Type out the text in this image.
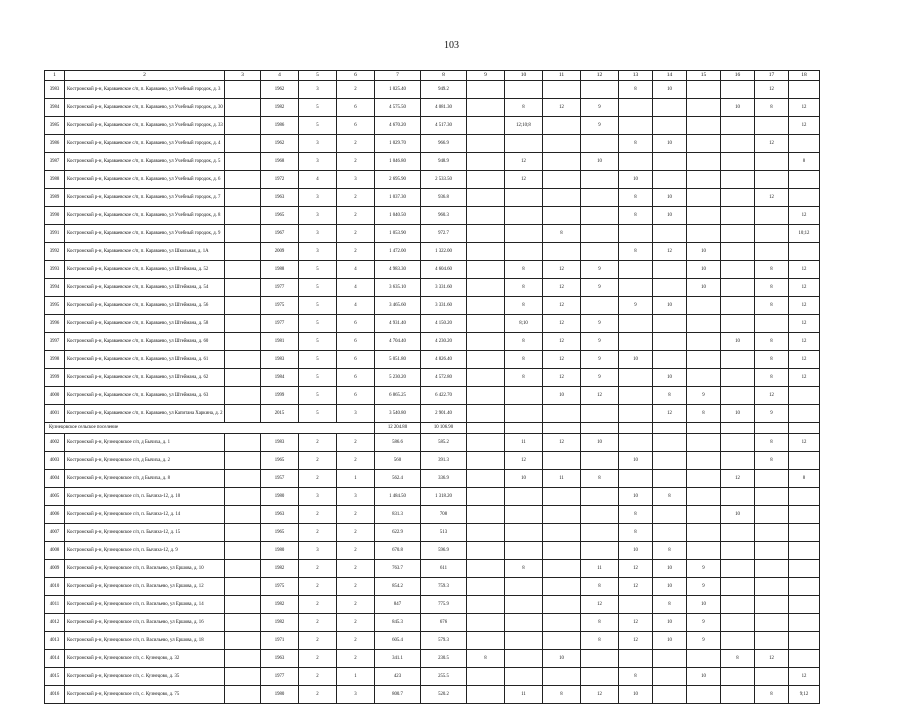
103
1	2	3	4	5	6	7	8	9	10	11	12	13	14	15	16	17	18
3983	Костромской р-н, Караваевское с/п, п. Караваево, ул Учебный городок, д. 3		1962	3	2	1 025.40	949.2					8	10			12	
3984	Костромской р-н, Караваевское с/п, п. Караваево, ул Учебный городок, д. 30		1982	5	6	4 575.50	4 081.30		8	12	9				10	8	12
3985	Костромской р-н, Караваевское с/п, п. Караваево, ул Учебный городок, д. 33		1986	5	6	4 670.20	4 517.30		12;10;8		9						12
3986	Костромской р-н, Караваевское с/п, п. Караваево, ул Учебный городок, д. 4		1962	3	2	1 029.70	966.9					8	10			12	
3987	Костромской р-н, Караваевское с/п, п. Караваево, ул Учебный городок, д. 5		1968	3	2	1 046.80	948.9		12		10						8
3988	Костромской р-н, Караваевское с/п, п. Караваево, ул Учебный городок, д. 6		1972	4	3	2 695.90	2 533.50		12			10					
3989	Костромской р-н, Караваевское с/п, п. Караваево, ул Учебный городок, д. 7		1963	3	2	1 037.30	936.8					8	10			12	
3990	Костромской р-н, Караваевское с/п, п. Караваево, ул Учебный городок, д. 8		1965	3	2	1 040.50	960.3					8	10				12
3991	Костромской р-н, Караваевское с/п, п. Караваево, ул Учебный городок, д. 9		1967	3	2	1 053.90	972.7			8							10;12
3992	Костромской р-н, Караваевское с/п, п. Караваево, ул Школьная, д. 1А		2009	3	2	1 472.00	1 322.00					8	12	10			
3993	Костромской р-н, Караваевское с/п, п. Караваево, ул Штеймана, д. 52		1988	5	4	4 983.30	4 604.60		8	12	9			10		8	12
3994	Костромской р-н, Караваевское с/п, п. Караваево, ул Штеймана, д. 54		1977	5	4	3 635.10	3 331.60		8	12	9			10		8	12
3995	Костромской р-н, Караваевское с/п, п. Караваево, ул Штеймана, д. 56		1975	5	4	3 465.60	3 331.60		8	12		9	10			8	12
3996	Костромской р-н, Караваевское с/п, п. Караваево, ул Штеймана, д. 58		1977	5	6	4 931.40	4 150.20		8;10	12	9						12
3997	Костромской р-н, Караваевское с/п, п. Караваево, ул Штеймана, д. 60		1981	5	6	4 704.40	4 230.20		8	12	9				10	8	12
3998	Костромской р-н, Караваевское с/п, п. Караваево, ул Штеймана, д. 61		1983	5	6	5 051.80	4 826.40		8	12	9	10				8	12
3999	Костромской р-н, Караваевское с/п, п. Караваево, ул Штеймана, д. 62		1984	5	6	5 230.20	4 572.80		8	12	9		10			8	12
4000	Костромской р-н, Караваевское с/п, п. Караваево, ул Штеймана, д. 63		1999	5	6	6 865.25	6 422.70			10	12		8	9		12	
4001	Костромской р-н, Караваевское с/п, п. Караваево, ул Капитана Харкина, д. 2		2015	5	3	3 540.80	2 901.40						12	8	10	9	
Кузнецовское сельское поселение						12 204.80	10 106.90										
4002	Костромской р-н, Кузнецовское с/п, д Бычиха, д. 1		1983	2	2	586.6	585.2		11	12	10					8	12
4003	Костромской р-н, Кузнецовское с/п, д Бычиха, д. 2		1965	2	2	560	391.3		12			10				8	
4004	Костромской р-н, Кузнецовское с/п, д Бычиха, д. 8		1957	2	1	562.4	336.9		10	11	8				12		8
4005	Костромской р-н, Кузнецовское с/п, п. Бычиха-12, д. 10		1980	3	3	1 484.50	1 318.20					10	8				
4006	Костромской р-н, Кузнецовское с/п, п. Бычиха-12, д. 14		1963	2	2	831.3	708					8			10		
4007	Костромской р-н, Кузнецовское с/п, п. Бычиха-12, д. 15		1965	2	2	622.9	513					8					
4008	Костромской р-н, Кузнецовское с/п, п. Бычиха-12, д. 9		1980	3	2	670.8	596.9					10	8				
4009	Костромской р-н, Кузнецовское с/п, п. Васильево, ул Ершова, д. 10		1982	2	2	763.7	611		8		11	12	10	9			
4010	Костромской р-н, Кузнецовское с/п, п. Васильево, ул Ершова, д. 12		1975	2	2	854.2	759.3				8	12	10	9			
4011	Костромской р-н, Кузнецовское с/п, п. Васильево, ул Ершова, д. 14		1982	2	2	847	775.9				12		8	10			
4012	Костромской р-н, Кузнецовское с/п, п. Васильево, ул Ершова, д. 16		1982	2	2	845.3	676				8	12	10	9			
4013	Костромской р-н, Кузнецовское с/п, п. Васильево, ул Ершова, д. 18		1971	2	2	605.4	579.3				8	12	10	9			
4014	Костромской р-н, Кузнецовское с/п, с. Кузнецово, д. 32		1963	2	2	341.1	230.5	8		10					8	12	
4015	Костромской р-н, Кузнецовское с/п, с. Кузнецово, д. 35		1977	2	1	423	255.5					8		10			12
4016	Костромской р-н, Кузнецовское с/п, с. Кузнецово, д. 75		1980	2	3	800.7	520.2		11	8	12	10				8	9;12
